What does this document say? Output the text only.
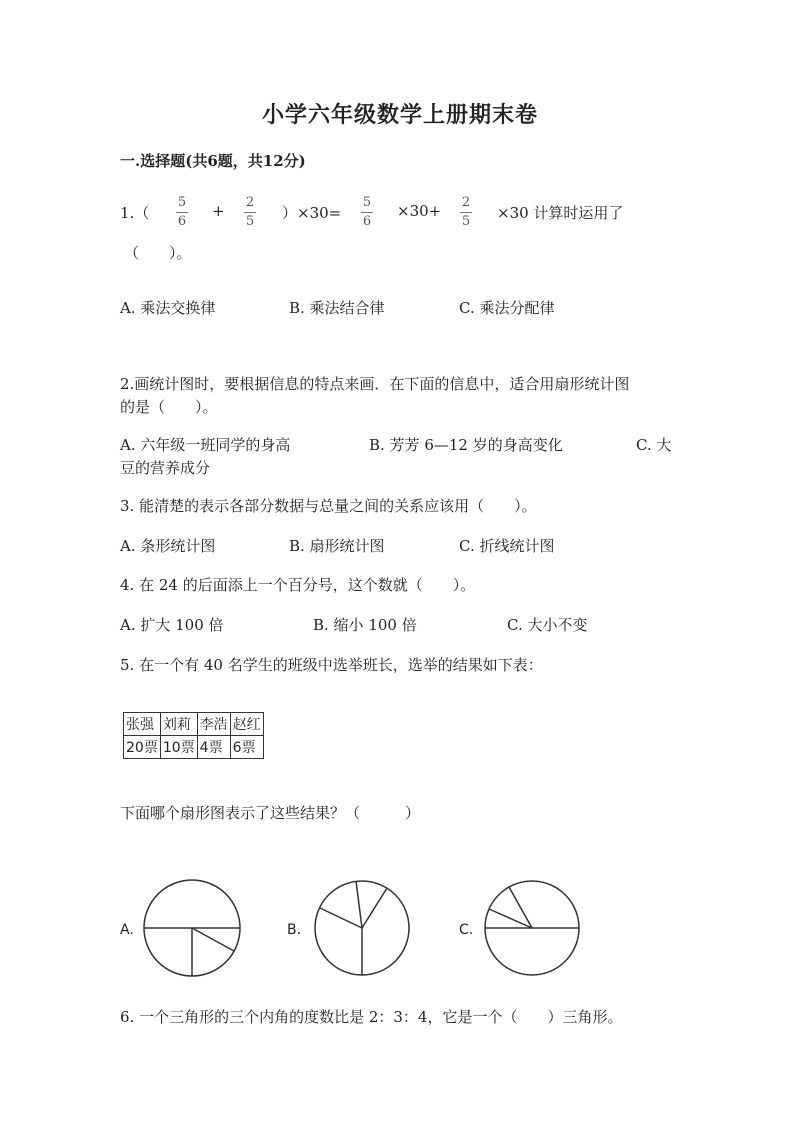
小学六年级数学上册期末卷
一.选择题(共6题，共12分)
1.（
5
6
+ 2
5 ）×30=
5
6
×30+ 2
5 ×30 计算时运用了
（　　）。
A. 乘法交换律	B. 乘法结合律	C. 乘法分配律
2.画统计图时，要根据信息的特点来画．在下面的信息中，适合用扇形统计图
的是（　　）。
A. 六年级一班同学的身高	B. 芳芳 6—12 岁的身高变化	C. 大
豆的营养成分
3. 能清楚的表示各部分数据与总量之间的关系应该用（　　）。
A. 条形统计图	B. 扇形统计图	C. 折线统计图
4. 在 24 的后面添上一个百分号，这个数就（　　）。
A. 扩大 100 倍	B. 缩小 100 倍	C. 大小不变
5. 在一个有 40 名学生的班级中选举班长，选举的结果如下表：
张强	刘莉	李浩	赵红
20票	10票	4票	6票
下面哪个扇形图表示了这些结果？（　　　）
A.	B.	C.
6. 一个三角形的三个内角的度数比是 2：3：4，它是一个（　　）三角形。
